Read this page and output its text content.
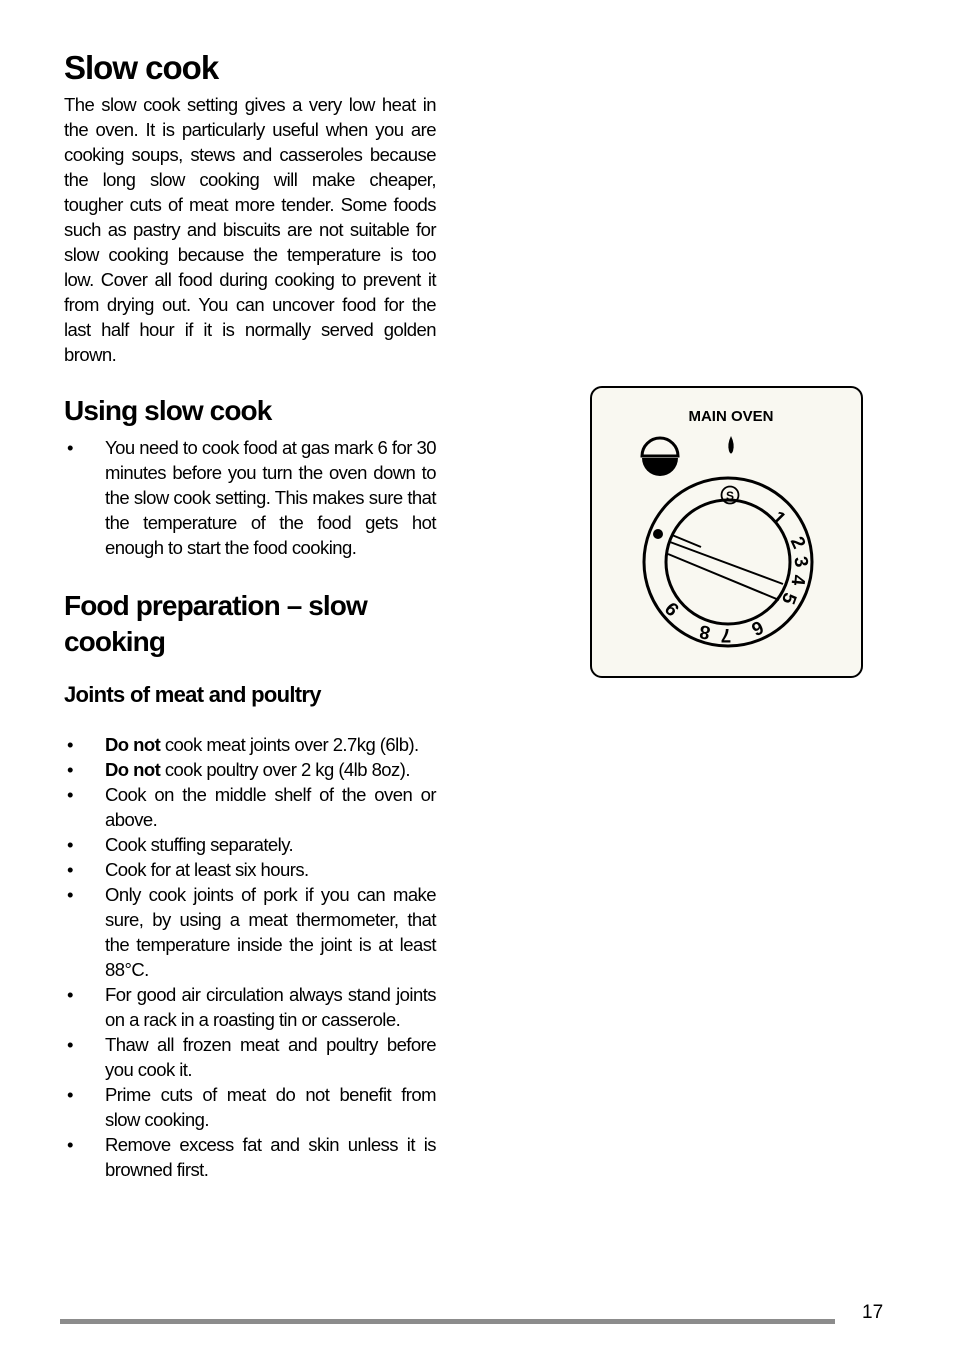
Slow cook

The slow cook setting gives a very low heat in the oven. It is particularly useful when you are cooking soups, stews and casseroles because the long slow cooking will make cheaper, tougher cuts of meat more tender. Some foods such as pastry and biscuits are not suitable for slow cooking because the temperature is too low. Cover all food during cooking to prevent it from drying out. You can uncover food for the last half hour if it is normally served golden brown.

Using slow cook
• You need to cook food at gas mark 6 for 30 minutes before you turn the oven down to the slow cook setting. This makes sure that the temperature of the food gets hot enough to start the food cooking.
Food preparation – slow
cooking
Joints of meat and poultry
• Do not cook meat joints over 2.7kg (6lb).
• Do not cook poultry over 2 kg (4lb 8oz).
• Cook on the middle shelf of the oven or above.
• Cook stuffing separately.
• Cook for at least six hours.
• Only cook joints of pork if you can make sure, by using a meat thermometer, that the temperature inside the joint is at least 88°C.
• For good air circulation always stand joints on a rack in a roasting tin or casserole.
• Thaw all frozen meat and poultry before you cook it.
• Prime cuts of meat do not benefit from slow cooking.
• Remove excess fat and skin unless it is browned first.
MAIN OVEN
S
1
2
3
4
5
6
7
8
9
17
